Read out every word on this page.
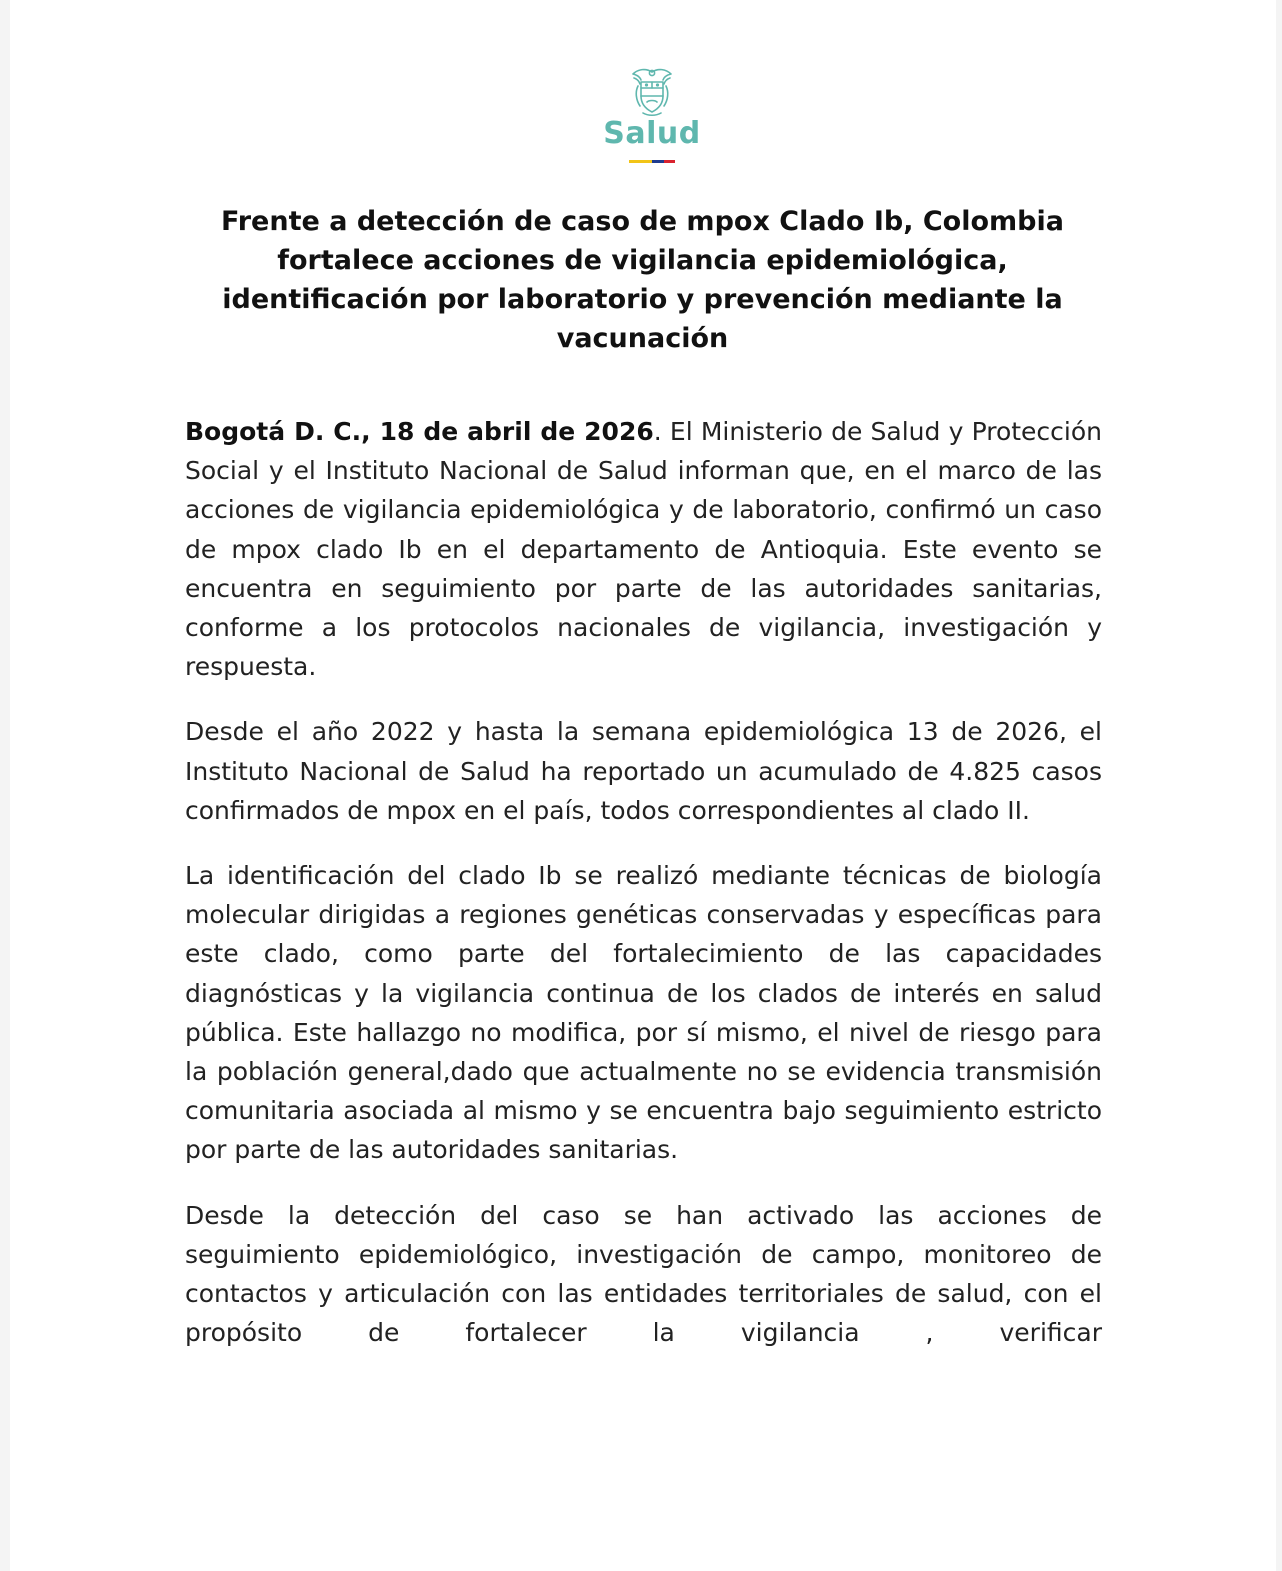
Salud
Frente a detección de caso de mpox Clado Ib, Colombia fortalece acciones de vigilancia epidemiológica, identificación por laboratorio y prevención mediante la vacunación

Bogotá D. C., 18 de abril de 2026. El Ministerio de Salud y Protección Social y el Instituto Nacional de Salud informan que, en el marco de las acciones de vigilancia epidemiológica y de laboratorio, confirmó un caso de mpox clado Ib en el departamento de Antioquia. Este evento se encuentra en seguimiento por parte de las autoridades sanitarias, conforme a los protocolos nacionales de vigilancia, investigación y respuesta.

Desde el año 2022 y hasta la semana epidemiológica 13 de 2026, el Instituto Nacional de Salud ha reportado un acumulado de 4.825 casos confirmados de mpox en el país, todos correspondientes al clado II.

La identificación del clado Ib se realizó mediante técnicas de biología molecular dirigidas a regiones genéticas conservadas y específicas para este clado, como parte del fortalecimiento de las capacidades diagnósticas y la vigilancia continua de los clados de interés en salud pública. Este hallazgo no modifica, por sí mismo, el nivel de riesgo para la población general,dado que actualmente no se evidencia transmisión comunitaria asociada al mismo y se encuentra bajo seguimiento estricto por parte de las autoridades sanitarias.

Desde la detección del caso se han activado las acciones de seguimiento epidemiológico, investigación de campo, monitoreo de contactos y articulación con las entidades territoriales de salud, con el propósito de fortalecer la vigilancia , verificar
